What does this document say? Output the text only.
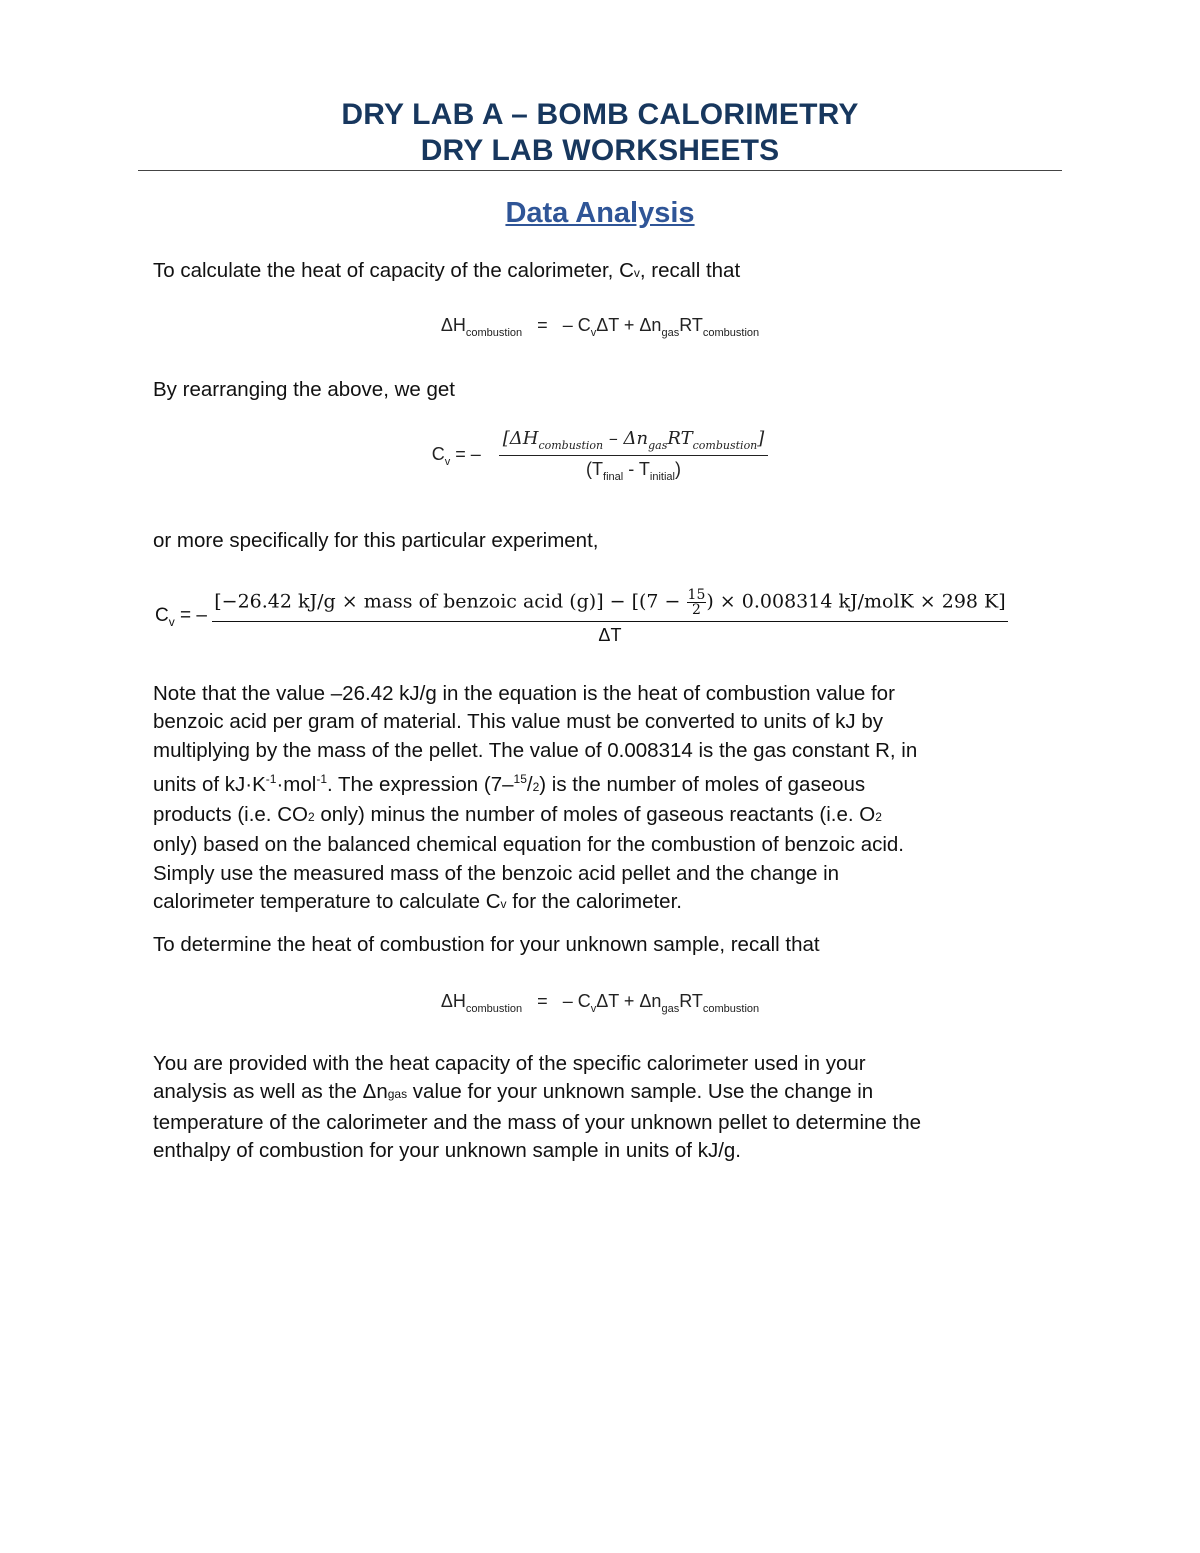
DRY LAB A – BOMB CALORIMETRY
DRY LAB WORKSHEETS
Data Analysis
To calculate the heat of capacity of the calorimeter, Cv, recall that
$\Delta H_{combustion}$ = – $C_v\Delta T + \Delta n_{gas}RT_{combustion}$
By rearranging the above, we get
$C_v$ = – $\frac{[\Delta H_{combustion} - \Delta n_{gas}RT_{combustion}]}{(T_{final} - T_{initial})}$
or more specifically for this particular experiment,
$C_v$ = –
[−26.42 kJ/g × mass of benzoic acid $(g)] - [(7 - \frac{15}{2}$ ) × 0.008314 kJ/molK × 298 K]
ΔT
Note that the value –26.42 kJ/g in the equation is the heat of combustion value for
benzoic acid per gram of material. This value must be converted to units of kJ by
multiplying by the mass of the pellet. The value of 0.008314 is the gas constant R, in
units of $kJ\cdot K^{-1}\cdot mol^{-1}$. The expression (7–$^{15}$/2) is the number of moles of gaseous
products (i.e. CO2 only) minus the number of moles of gaseous reactants (i.e. O2
only) based on the balanced chemical equation for the combustion of benzoic acid.
Simply use the measured mass of the benzoic acid pellet and the change in
calorimeter temperature to calculate Cv for the calorimeter.
To determine the heat of combustion for your unknown sample, recall that
$\Delta H_{combustion}$ = – $C_v\Delta T + \Delta n_{gas}RT_{combustion}$
You are provided with the heat capacity of the specific calorimeter used in your
analysis as well as the Δngas value for your unknown sample. Use the change in
temperature of the calorimeter and the mass of your unknown pellet to determine the
enthalpy of combustion for your unknown sample in units of kJ/g.
